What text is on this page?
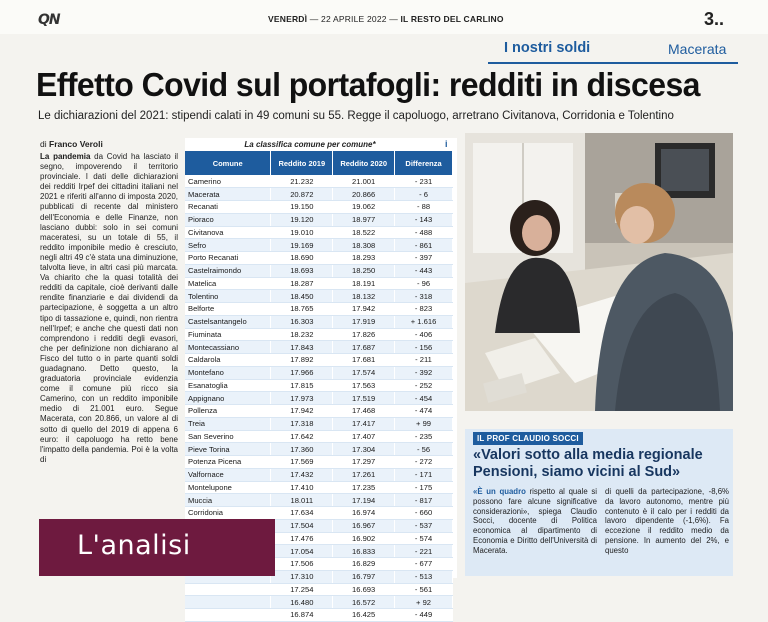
QN	VENERDÌ — 22 APRILE 2022 — IL RESTO DEL CARLINO	3..
I nostri soldi	Macerata
Effetto Covid sul portafogli: redditi in discesa
Le dichiarazioni del 2021: stipendi calati in 49 comuni su 55. Regge il capoluogo, arretrano Civitanova, Corridonia e Tolentino
di Franco Veroli
La pandemia da Covid ha lasciato il segno, impoverendo il territorio provinciale. I dati delle dichiarazioni dei redditi Irpef dei cittadini italiani nel 2021 e riferiti all'anno di imposta 2020, pubblicati di recente dal ministero dell'Economia e delle Finanze, non lasciano dubbi: solo in sei comuni maceratesi, su un totale di 55, il reddito imponibile medio è cresciuto, negli altri 49 c'è stata una diminuzione, talvolta lieve, in altri casi più marcata. Va chiarito che la quasi totalità dei redditi da capitale, cioè derivanti dalle rendite finanziarie e dai dividendi da partecipazione, è soggetta a un altro tipo di tassazione e, quindi, non rientra nell'Irpef; e anche che questi dati non comprendono i redditi degli evasori, che per definizione non dichiarano al Fisco del tutto o in parte quanti soldi guadagnano. Detto questo, la graduatoria provinciale evidenzia come il comune più ricco sia Camerino, con un reddito imponibile medio di 21.001 euro. Segue Macerata, con 20.866, un valore al di sotto di quello del 2019 di appena 6 euro: il capoluogo ha retto bene l'impatto della pandemia. Poi è la volta di
La classifica comune per comune*	i
Comune	Reddito 2019	Reddito 2020	Differenza
Camerino	21.232	21.001	- 231
Macerata	20.872	20.866	- 6
Recanati	19.150	19.062	- 88
Pioraco	19.120	18.977	- 143
Civitanova	19.010	18.522	- 488
Sefro	19.169	18.308	- 861
Porto Recanati	18.690	18.293	- 397
Castelraimondo	18.693	18.250	- 443
Matelica	18.287	18.191	- 96
Tolentino	18.450	18.132	- 318
Belforte	18.765	17.942	- 823
Castelsantangelo	16.303	17.919	+ 1.616
Fiuminata	18.232	17.826	- 406
Montecassiano	17.843	17.687	- 156
Caldarola	17.892	17.681	- 211
Montefano	17.966	17.574	- 392
Esanatoglia	17.815	17.563	- 252
Appignano	17.973	17.519	- 454
Pollenza	17.942	17.468	- 474
Treia	17.318	17.417	+ 99
San Severino	17.642	17.407	- 235
Pieve Torina	17.360	17.304	- 56
Potenza Picena	17.569	17.297	- 272
Valfornace	17.432	17.261	- 171
Montelupone	17.410	17.235	- 175
Muccia	18.011	17.194	- 817
Corridonia	17.634	16.974	- 660
	17.504	16.967	- 537
	17.476	16.902	- 574
	17.054	16.833	- 221
	17.506	16.829	- 677
	17.310	16.797	- 513
	17.254	16.693	- 561
	16.480	16.572	+ 92
	16.874	16.425	- 449
IL PROF CLAUDIO SOCCI
«Valori sotto alla media regionale Pensioni, siamo vicini al Sud»
«È un quadro rispetto al quale si possono fare alcune significative considerazioni», spiega Claudio Socci, docente di Politica economica al dipartimento di Economia e Diritto dell'Università di Macerata.
di quelli da partecipazione, -8,6% da lavoro autonomo, mentre più contenuto è il calo per i redditi da lavoro dipendente (-1,6%). Fa eccezione il reddito medio da pensione. In aumento del 2%, e questo
L'analisi
